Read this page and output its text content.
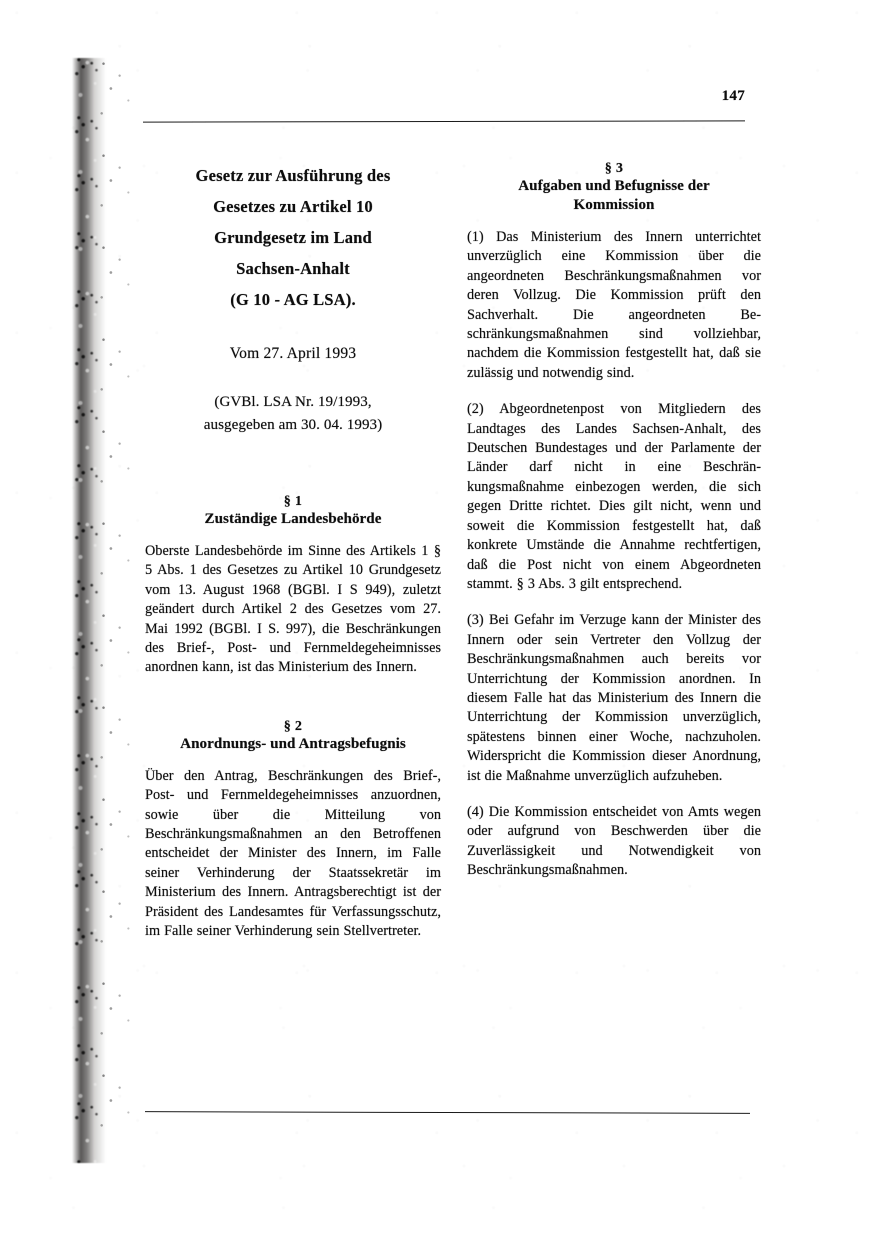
147
Gesetz zur Ausführung des
Gesetzes zu Artikel 10
Grundgesetz im Land
Sachsen-Anhalt
(G 10 - AG LSA).
Vom 27. April 1993
(GVBl. LSA Nr. 19/1993,
ausgegeben am 30. 04. 1993)
§ 1
Zuständige Landesbehörde

Oberste Landesbehörde im Sinne des Artikels 1 § 5 Abs. 1 des Gesetzes zu Artikel 10 Grundgesetz vom 13. August 1968 (BGBl. I S 949), zuletzt geändert durch Artikel 2 des Gesetzes vom 27. Mai 1992 (BGBl. I S. 997), die Beschränkungen des Brief-, Post- und Fernmeldegeheimnisses anordnen kann, ist das Ministerium des Innern.

§ 2
Anordnungs- und Antragsbefugnis

Über den Antrag, Beschränkungen des Brief-, Post- und Fernmeldegeheimnisses anzuordnen, sowie über die Mitteilung von Beschränkungsmaßnahmen an den Betroffenen entscheidet der Minister des Innern, im Falle seiner Verhinderung der Staatssekretär im Ministerium des Innern. Antragsberechtigt ist der Präsident des Landesamtes für Verfassungsschutz, im Falle seiner Verhinderung sein Stellvertreter.

§ 3
Aufgaben und Befugnisse der
Kommission

(1) Das Ministerium des Innern unterrichtet unverzüglich eine Kommission über die angeordneten Beschränkungsmaßnahmen vor deren Vollzug. Die Kommission prüft den Sachverhalt. Die angeordneten Beschränkungsmaßnahmen sind vollziehbar, nachdem die Kommission festgestellt hat, daß sie zulässig und notwendig sind.

(2) Abgeordnetenpost von Mitgliedern des Landtages des Landes Sachsen-Anhalt, des Deutschen Bundestages und der Parlamente der Länder darf nicht in eine Beschränkungsmaßnahme einbezogen werden, die sich gegen Dritte richtet. Dies gilt nicht, wenn und soweit die Kommission festgestellt hat, daß konkrete Umstände die Annahme rechtfertigen, daß die Post nicht von einem Abgeordneten stammt. § 3 Abs. 3 gilt entsprechend.

(3) Bei Gefahr im Verzuge kann der Minister des Innern oder sein Vertreter den Vollzug der Beschränkungsmaßnahmen auch bereits vor Unterrichtung der Kommission anordnen. In diesem Falle hat das Ministerium des Innern die Unterrichtung der Kommission unverzüglich, spätestens binnen einer Woche, nachzuholen. Widerspricht die Kommission dieser Anordnung, ist die Maßnahme unverzüglich aufzuheben.

(4) Die Kommission entscheidet von Amts wegen oder aufgrund von Beschwerden über die Zuverlässigkeit und Notwendigkeit von Beschränkungsmaßnahmen.
